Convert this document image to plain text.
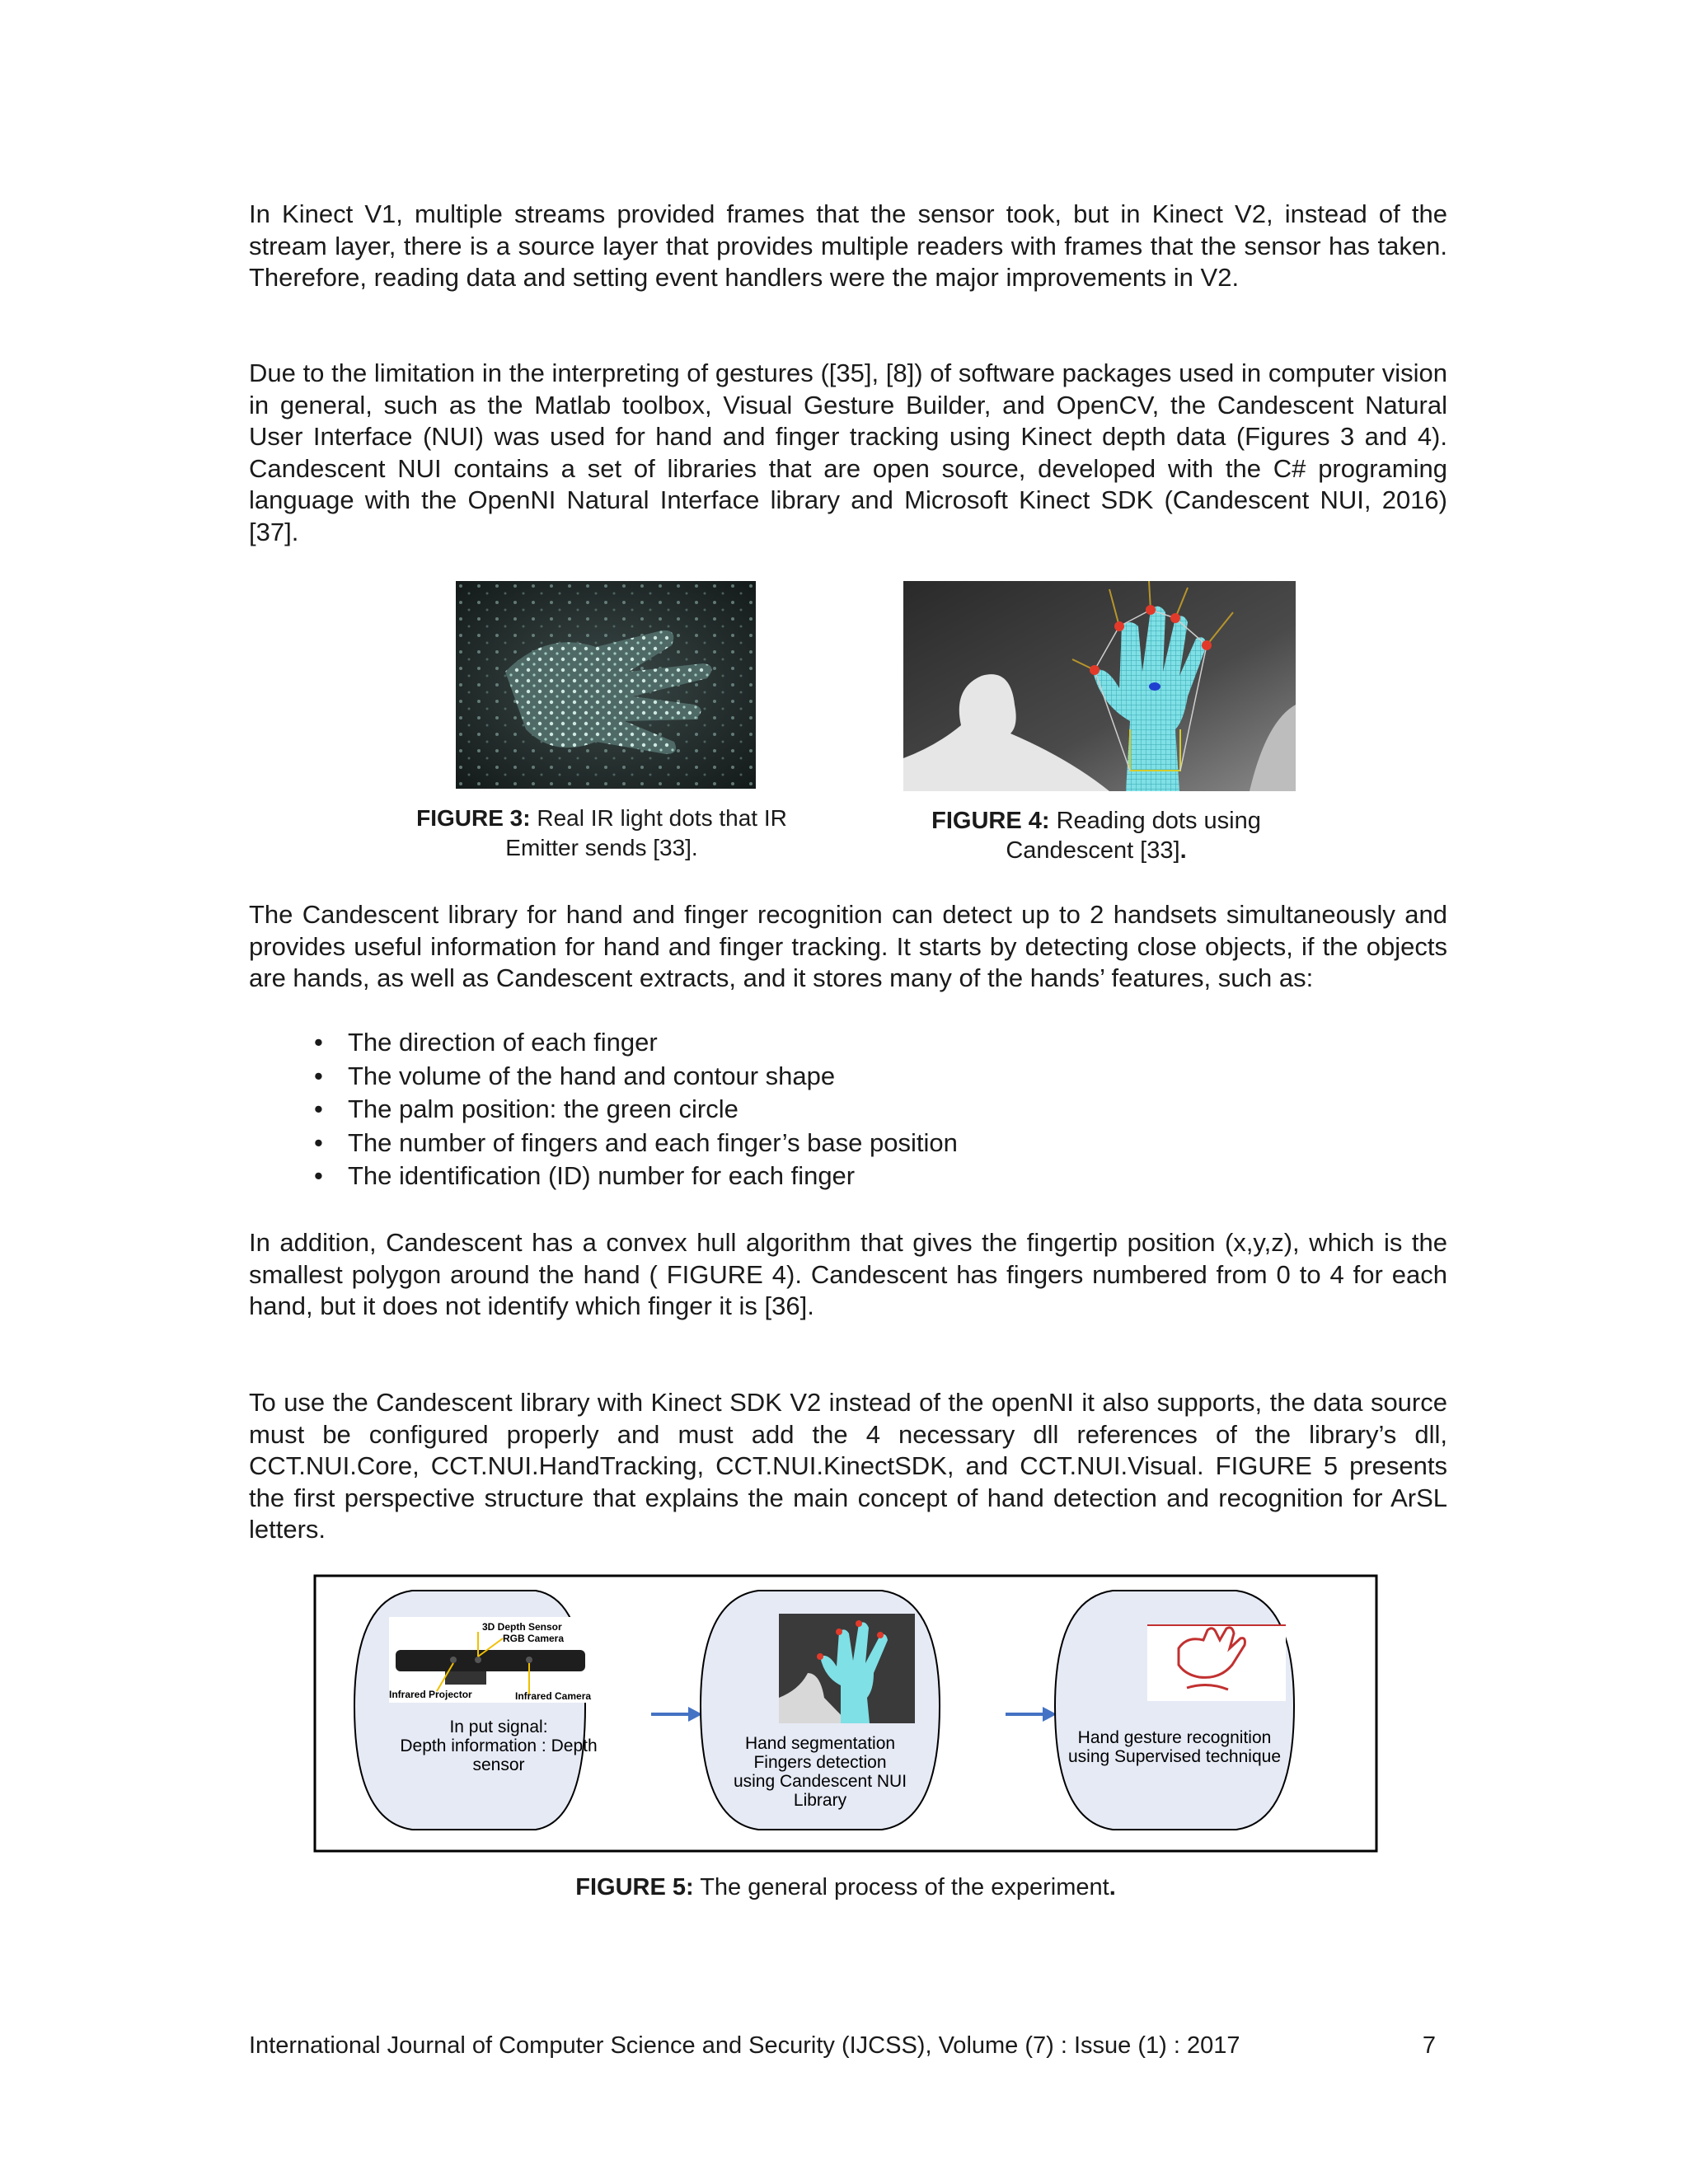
In Kinect V1, multiple streams provided frames that the sensor took, but in Kinect V2, instead of the stream layer, there is a source layer that provides multiple readers with frames that the sensor has taken. Therefore, reading data and setting event handlers were the major improvements in V2.

Due to the limitation in the interpreting of gestures ([35], [8]) of software packages used in computer vision in general, such as the Matlab toolbox, Visual Gesture Builder, and OpenCV, the Candescent Natural User Interface (NUI) was used for hand and finger tracking using Kinect depth data (Figures 3 and 4). Candescent NUI contains a set of libraries that are open source, developed with the C# programing language with the OpenNI Natural Interface library and Microsoft Kinect SDK (Candescent NUI, 2016) [37].

The Candescent library for hand and finger recognition can detect up to 2 handsets simultaneously and provides useful information for hand and finger tracking. It starts by detecting close objects, if the objects are hands, as well as Candescent extracts, and it stores many of the hands’ features, such as:

• The direction of each finger
• The volume of the hand and contour shape
• The palm position: the green circle
• The number of fingers and each finger’s base position
• The identification (ID) number for each finger

In addition, Candescent has a convex hull algorithm that gives the fingertip position (x,y,z), which is the smallest polygon around the hand ( FIGURE 4). Candescent has fingers numbered from 0 to 4 for each hand, but it does not identify which finger it is [36].

To use the Candescent library with Kinect SDK V2 instead of the openNI it also supports, the data source must be configured properly and must add the 4 necessary dll references of the library’s dll, CCT.NUI.Core, CCT.NUI.HandTracking, CCT.NUI.KinectSDK, and CCT.NUI.Visual. FIGURE 5 presents the first perspective structure that explains the main concept of hand detection and recognition for ArSL letters.

FIGURE 3: Real IR light dots that IR
Emitter sends [33].
FIGURE 4: Reading dots using
Candescent [33].
3D Depth Sensor
RGB Camera
Infrared Projector	Infrared Camera
In put signal:
Depth information : Depth
sensor
Hand segmentation
Fingers detection
using Candescent NUI
Library
Hand gesture recognition
using Supervised technique
FIGURE 5: The general process of the experiment.
International Journal of Computer Science and Security (IJCSS), Volume (7) : Issue (1) : 2017	7
